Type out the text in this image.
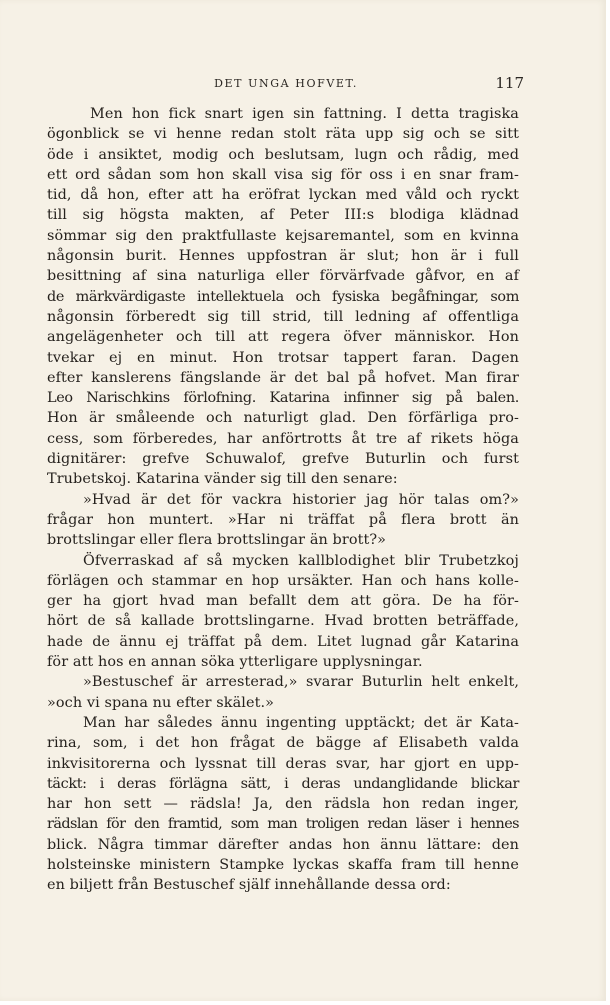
DET UNGA HOFVET.	117
Men hon fick snart igen sin fattning. I detta tragiska
ögonblick se vi henne redan stolt räta upp sig och se sitt
öde i ansiktet, modig och beslutsam, lugn och rådig, med
ett ord sådan som hon skall visa sig för oss i en snar fram-
tid, då hon, efter att ha eröfrat lyckan med våld och ryckt
till sig högsta makten, af Peter III:s blodiga klädnad
sömmar sig den praktfullaste kejsaremantel, som en kvinna
någonsin burit. Hennes uppfostran är slut; hon är i full
besittning af sina naturliga eller förvärfvade gåfvor, en af
de märkvärdigaste intellektuela och fysiska begåfningar, som
någonsin förberedt sig till strid, till ledning af offentliga
angelägenheter och till att regera öfver människor. Hon
tvekar ej en minut. Hon trotsar tappert faran. Dagen
efter kanslerens fängslande är det bal på hofvet. Man firar
Leo Narischkins förlofning. Katarina infinner sig på balen.
Hon är småleende och naturligt glad. Den förfärliga pro-
cess, som förberedes, har anförtrotts åt tre af rikets höga
dignitärer: grefve Schuwalof, grefve Buturlin och furst
Trubetskoj. Katarina vänder sig till den senare:
»Hvad är det för vackra historier jag hör talas om?»
frågar hon muntert. »Har ni träffat på flera brott än
brottslingar eller flera brottslingar än brott?»
Öfverraskad af så mycken kallblodighet blir Trubetzkoj
förlägen och stammar en hop ursäkter. Han och hans kolle-
ger ha gjort hvad man befallt dem att göra. De ha för-
hört de så kallade brottslingarne. Hvad brotten beträffade,
hade de ännu ej träffat på dem. Litet lugnad går Katarina
för att hos en annan söka ytterligare upplysningar.
»Bestuschef är arresterad,» svarar Buturlin helt enkelt,
»och vi spana nu efter skälet.»
Man har således ännu ingenting upptäckt; det är Kata-
rina, som, i det hon frågat de bägge af Elisabeth valda
inkvisitorerna och lyssnat till deras svar, har gjort en upp-
täckt: i deras förlägna sätt, i deras undanglidande blickar
har hon sett — rädsla! Ja, den rädsla hon redan inger,
rädslan för den framtid, som man troligen redan läser i hennes
blick. Några timmar därefter andas hon ännu lättare: den
holsteinske ministern Stampke lyckas skaffa fram till henne
en biljett från Bestuschef själf innehållande dessa ord:
